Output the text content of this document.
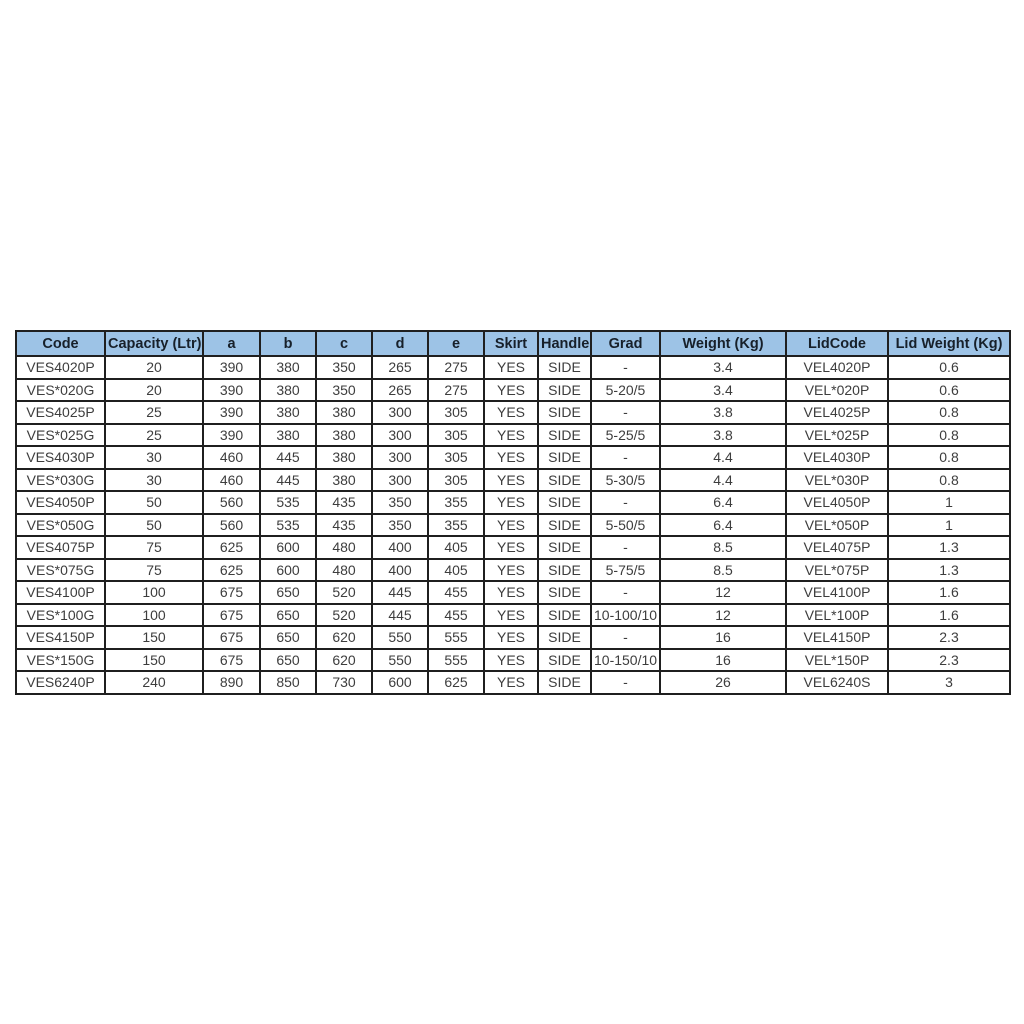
Code	Capacity (Ltr)	a	b	c	d	e	Skirt	Handle	Grad	Weight (Kg)	LidCode	Lid Weight (Kg)
VES4020P	20	390	380	350	265	275	YES	SIDE	-	3.4	VEL4020P	0.6
VES*020G	20	390	380	350	265	275	YES	SIDE	5-20/5	3.4	VEL*020P	0.6
VES4025P	25	390	380	380	300	305	YES	SIDE	-	3.8	VEL4025P	0.8
VES*025G	25	390	380	380	300	305	YES	SIDE	5-25/5	3.8	VEL*025P	0.8
VES4030P	30	460	445	380	300	305	YES	SIDE	-	4.4	VEL4030P	0.8
VES*030G	30	460	445	380	300	305	YES	SIDE	5-30/5	4.4	VEL*030P	0.8
VES4050P	50	560	535	435	350	355	YES	SIDE	-	6.4	VEL4050P	1
VES*050G	50	560	535	435	350	355	YES	SIDE	5-50/5	6.4	VEL*050P	1
VES4075P	75	625	600	480	400	405	YES	SIDE	-	8.5	VEL4075P	1.3
VES*075G	75	625	600	480	400	405	YES	SIDE	5-75/5	8.5	VEL*075P	1.3
VES4100P	100	675	650	520	445	455	YES	SIDE	-	12	VEL4100P	1.6
VES*100G	100	675	650	520	445	455	YES	SIDE	10-100/10	12	VEL*100P	1.6
VES4150P	150	675	650	620	550	555	YES	SIDE	-	16	VEL4150P	2.3
VES*150G	150	675	650	620	550	555	YES	SIDE	10-150/10	16	VEL*150P	2.3
VES6240P	240	890	850	730	600	625	YES	SIDE	-	26	VEL6240S	3
